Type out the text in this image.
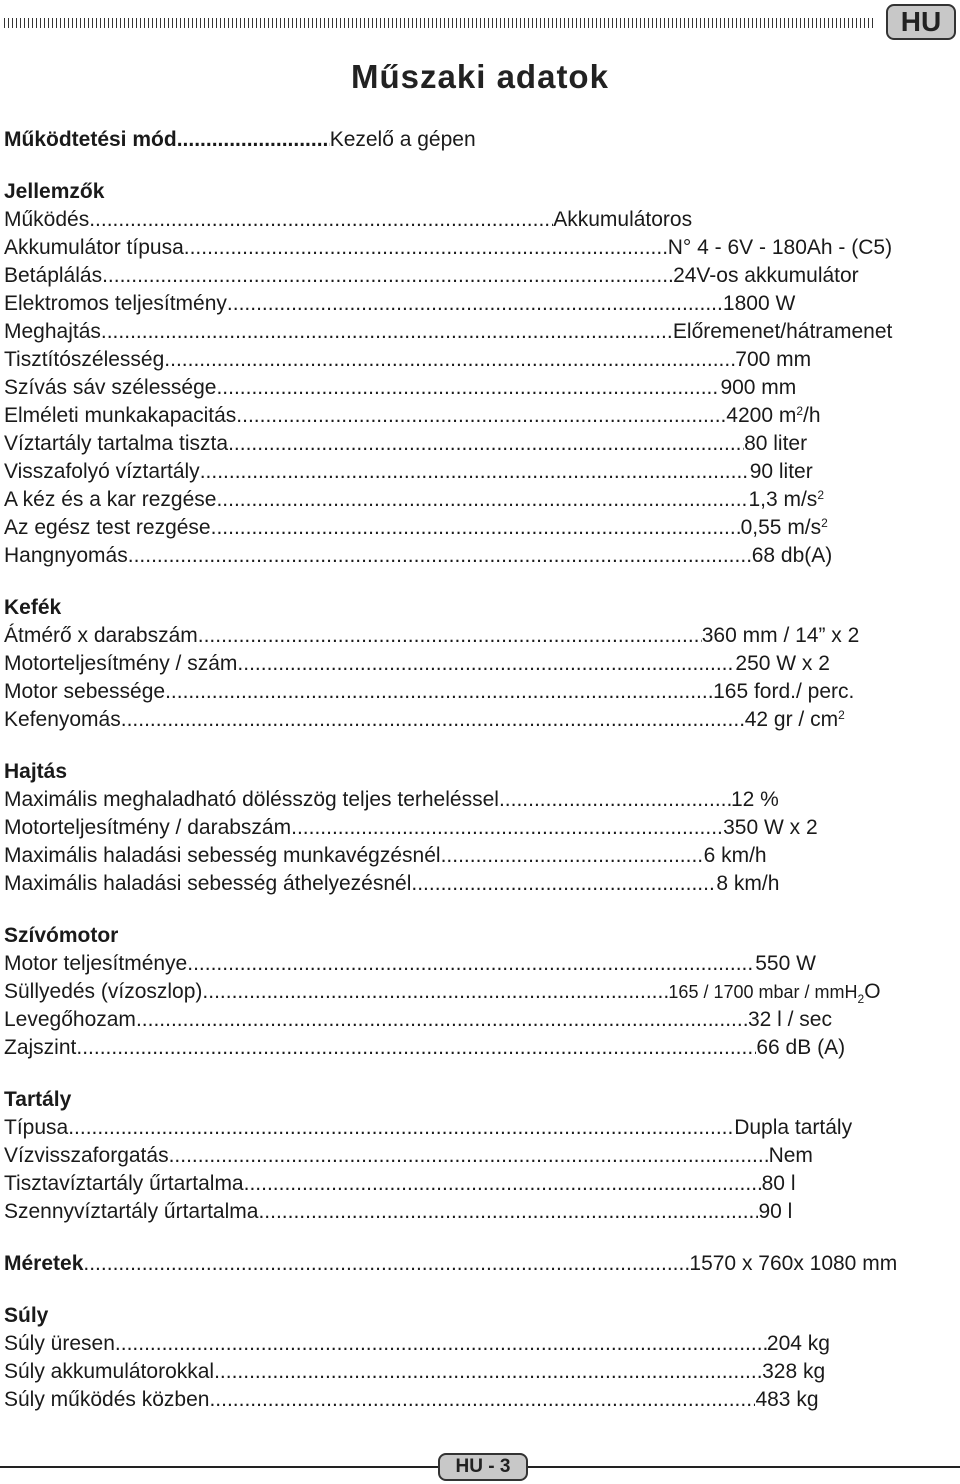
HU
Műszaki adatok
Működtetési mód .....	Kezelő a gépen
Jellemzők
Működés .....	Akkumulátoros
Akkumulátor típusa .....	N° 4 - 6V - 180Ah - (C5)
Betáplálás .....	24V-os akkumulátor
Elektromos teljesítmény .....	1800 W
Meghajtás .....	Előremenet/hátramenet
Tisztítószélesség .....	700 mm
Szívás sáv szélessége .....	900 mm
Elméleti munkakapacitás .....	4200 $m^2/h$
Víztartály tartalma tiszta .....	80 liter
Visszafolyó víztartály .....	90 liter
A kéz és a kar rezgése .....	1,3 $m/s^2$
Az egész test rezgése .....	0,55 $m/s^2$
Hangnyomás .....	68 db(A)
Kefék
Átmérő x darabszám .....	360 mm / 14” x 2
Motorteljesítmény / szám .....	250 W x 2
Motor sebessége .....	165 ford./ perc.
Kefenyomás .....	42 gr / $cm^2$
Hajtás
Maximális meghaladható dölésszög teljes terheléssel .....	12 %
Motorteljesítmény / darabszám .....	350 W x 2
Maximális haladási sebesség munkavégzésnél .....	6 km/h
Maximális haladási sebesség áthelyezésnél .....	8 km/h
Szívómotor
Motor teljesítménye .....	550 W
Süllyedés (vízoszlop) .....	165 / 1700 mbar / mmH$_2$O
Levegőhozam .....	32 l / sec
Zajszint .....	66 dB (A)
Tartály
Típusa .....	Dupla tartály
Vízvisszaforgatás .....	Nem
Tisztavíztartály űrtartalma .....	80 l
Szennyvíztartály űrtartalma .....	90 l
Méretek .....	1570 x 760x 1080 mm
Súly
Súly üresen .....	204 kg
Súly akkumulátorokkal .....	328 kg
Súly működés közben .....	483 kg
HU - 3
